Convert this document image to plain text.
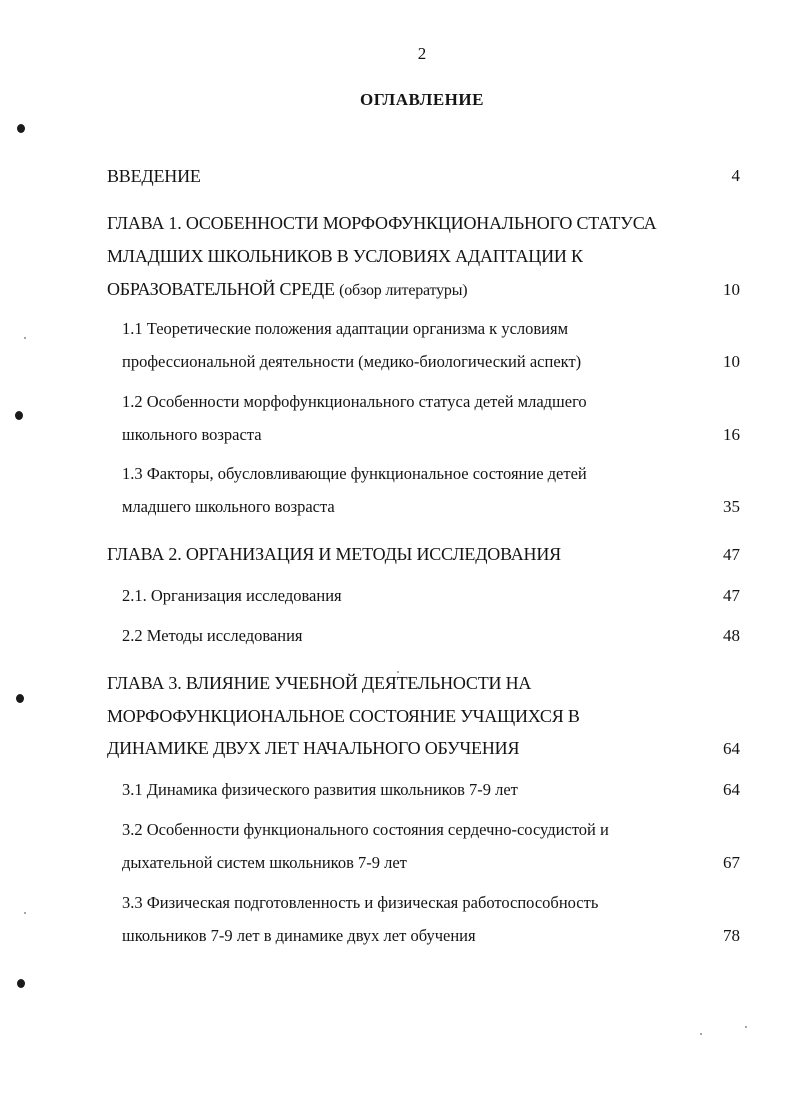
2
ОГЛАВЛЕНИЕ
ВВЕДЕНИЕ	4
ГЛАВА 1. ОСОБЕННОСТИ МОРФОФУНКЦИОНАЛЬНОГО СТАТУСА
МЛАДШИХ ШКОЛЬНИКОВ В УСЛОВИЯХ АДАПТАЦИИ К
ОБРАЗОВАТЕЛЬНОЙ СРЕДЕ (обзор литературы)	10
1.1 Теоретические положения адаптации организма к условиям
профессиональной деятельности (медико-биологический аспект)	10
1.2 Особенности морфофункционального статуса детей младшего
школьного возраста	16
1.3 Факторы, обусловливающие функциональное состояние детей
младшего школьного возраста	35
ГЛАВА 2. ОРГАНИЗАЦИЯ И МЕТОДЫ ИССЛЕДОВАНИЯ	47
2.1. Организация исследования	47
2.2 Методы исследования	48
ГЛАВА 3. ВЛИЯНИЕ УЧЕБНОЙ ДЕЯТЕЛЬНОСТИ НА
МОРФОФУНКЦИОНАЛЬНОЕ СОСТОЯНИЕ УЧАЩИХСЯ В
ДИНАМИКЕ ДВУХ ЛЕТ НАЧАЛЬНОГО ОБУЧЕНИЯ	64
3.1 Динамика физического развития школьников 7-9 лет	64
3.2 Особенности функционального состояния сердечно-сосудистой и
дыхательной систем школьников 7-9 лет	67
3.3 Физическая подготовленность и физическая работоспособность
школьников 7-9 лет в динамике двух лет обучения	78
